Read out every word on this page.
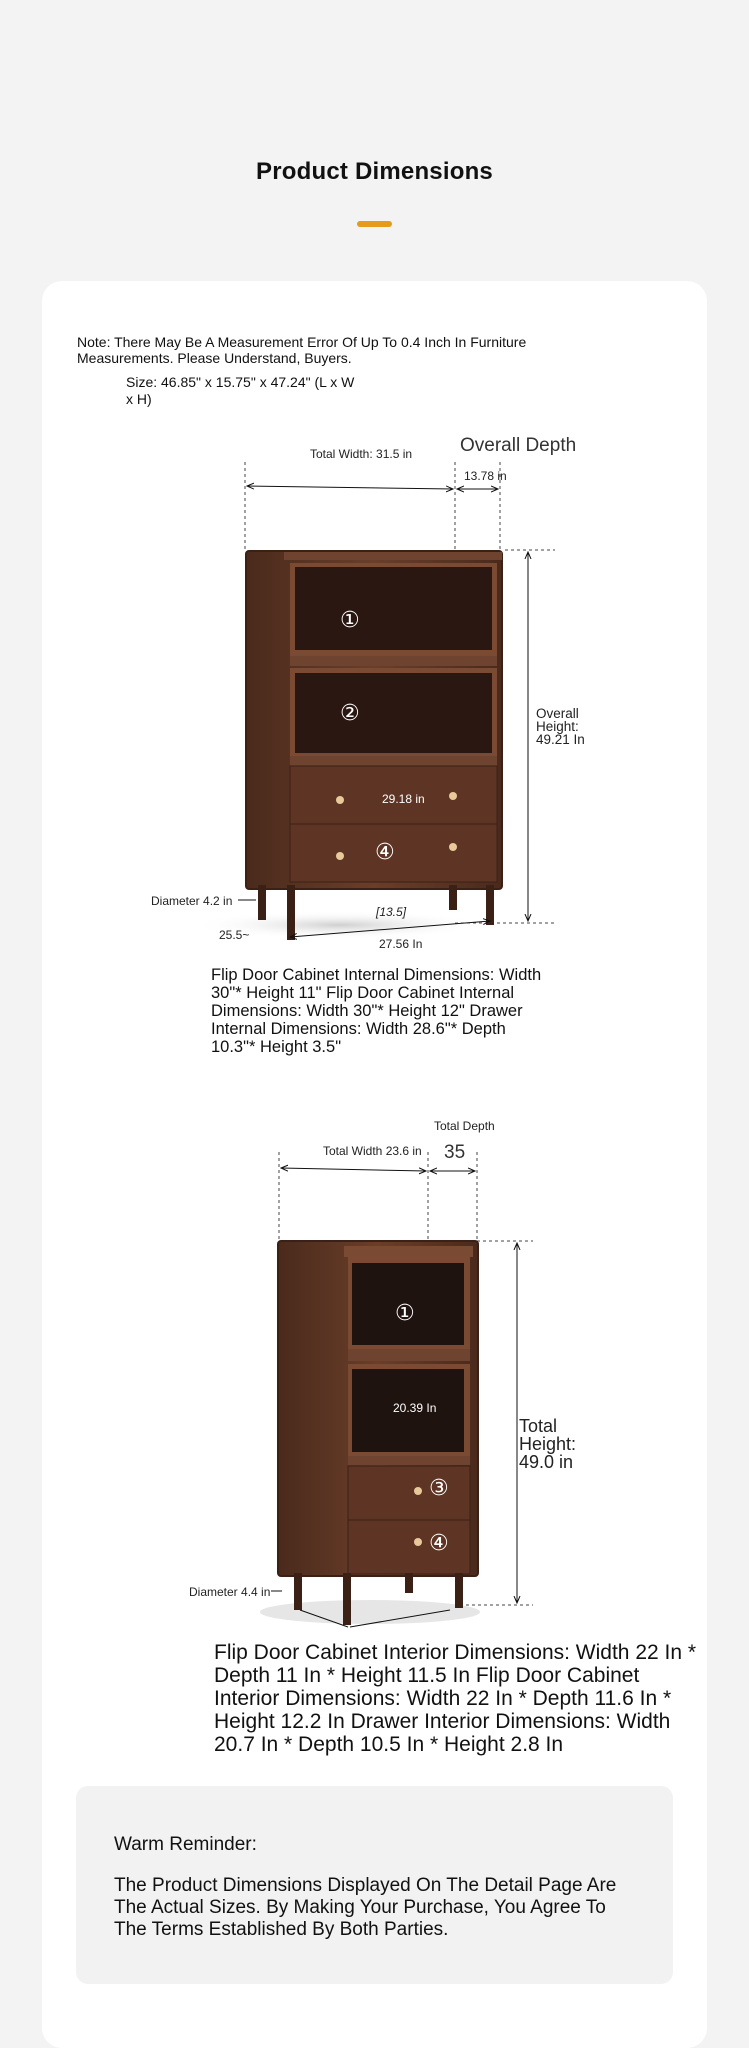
Product Dimensions
Note: There May Be A Measurement Error Of Up To 0.4 Inch In Furniture Measurements. Please Understand, Buyers.
Size: 46.85" x 15.75" x 47.24" (L x W x H)
①
②
④
Total Width: 31.5 in	Overall Depth
13.78 in
Overall Height: 49.21 In
29.18 in
Diameter 4.2 in
25.5~
[13.5]
27.56 In
Flip Door Cabinet Internal Dimensions: Width 30"* Height 11" Flip Door Cabinet Internal Dimensions: Width 30"* Height 12" Drawer Internal Dimensions: Width 28.6"* Depth 10.3"* Height 3.5"
①
③
④
Total Depth
35
Total Width 23.6 in
Total Height: 49.0 in
20.39 In
Diameter 4.4 in
Flip Door Cabinet Interior Dimensions: Width 22 In * Depth 11 In * Height 11.5 In Flip Door Cabinet Interior Dimensions: Width 22 In * Depth 11.6 In * Height 12.2 In Drawer Interior Dimensions: Width 20.7 In * Depth 10.5 In * Height 2.8 In
Warm Reminder:
The Product Dimensions Displayed On The Detail Page Are The Actual Sizes. By Making Your Purchase, You Agree To The Terms Established By Both Parties.
